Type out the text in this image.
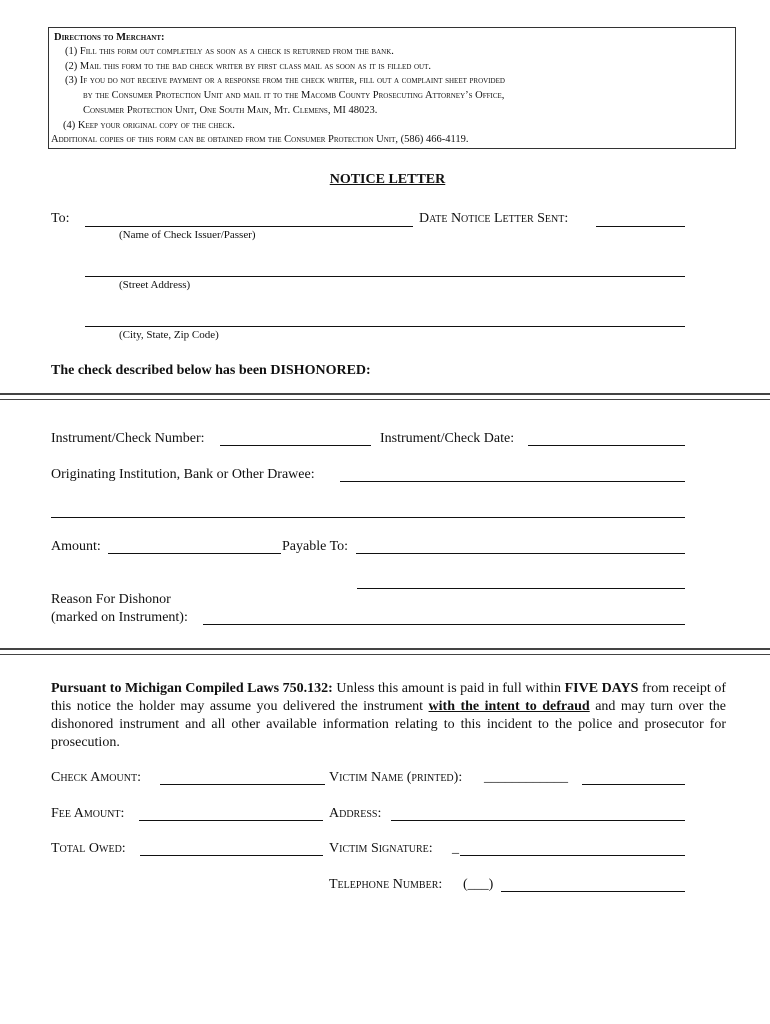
Directions to Merchant:
(1) Fill this form out completely as soon as a check is returned from the bank.
(2) Mail this form to the bad check writer by first class mail as soon as it is filled out.
(3) If you do not receive payment or a response from the check writer, fill out a complaint sheet provided
by the Consumer Protection Unit and mail it to the Macomb County Prosecuting Attorney’s Office,
Consumer Protection Unit, One South Main, Mt. Clemens, MI 48023.
(4) Keep your original copy of the check.
Additional copies of this form can be obtained from the Consumer Protection Unit, (586) 466-4119.
NOTICE LETTER
To:	Date Notice Letter Sent:
(Name of Check Issuer/Passer)
(Street Address)
(City, State, Zip Code)
The check described below has been DISHONORED:
Instrument/Check Number:	Instrument/Check Date:
Originating Institution, Bank or Other Drawee:
Amount:	Payable To:
Reason For Dishonor
(marked on Instrument):
Pursuant to Michigan Compiled Laws 750.132: Unless this amount is paid in full within FIVE DAYS from receipt of this notice the holder may assume you delivered the instrument with the intent to defraud and may turn over the dishonored instrument and all other available information relating to this incident to the police and prosecutor for prosecution.
Check Amount:	Victim Name (printed): ____________
Fee Amount:	Address:
Total Owed:	Victim Signature: _
Telephone Number: (___)
